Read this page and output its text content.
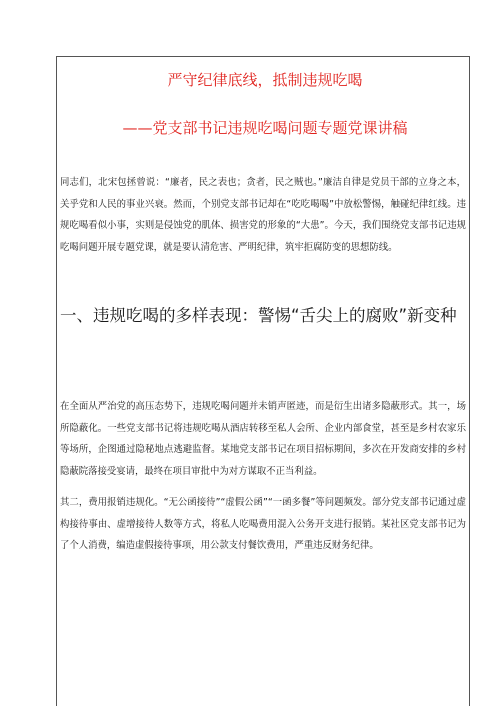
严守纪律底线，抵制违规吃喝
——党支部书记违规吃喝问题专题党课讲稿

同志们，北宋包拯曾说：“廉者，民之表也；贪者，民之贼也。”廉洁自律是党员干部的立身之本，关乎党和人民的事业兴衰。然而，个别党支部书记却在“吃吃喝喝”中放松警惕，触碰纪律红线。违规吃喝看似小事，实则是侵蚀党的肌体、损害党的形象的“大患”。今天，我们围绕党支部书记违规吃喝问题开展专题党课，就是要认清危害、严明纪律，筑牢拒腐防变的思想防线。

一、违规吃喝的多样表现：警惕“舌尖上的腐败”新变种

在全面从严治党的高压态势下，违规吃喝问题并未销声匿迹，而是衍生出诸多隐蔽形式。其一，场所隐蔽化。一些党支部书记将违规吃喝从酒店转移至私人会所、企业内部食堂，甚至是乡村农家乐等场所，企图通过隐秘地点逃避监督。某地党支部书记在项目招标期间，多次在开发商安排的乡村隐蔽院落接受宴请，最终在项目审批中为对方谋取不正当利益。

其二，费用报销违规化。“无公函接待”“虚假公函”“一函多餐”等问题频发。部分党支部书记通过虚构接待事由、虚增接待人数等方式，将私人吃喝费用混入公务开支进行报销。某社区党支部书记为了个人消费，编造虚假接待事项，用公款支付餐饮费用，严重违反财务纪律。
